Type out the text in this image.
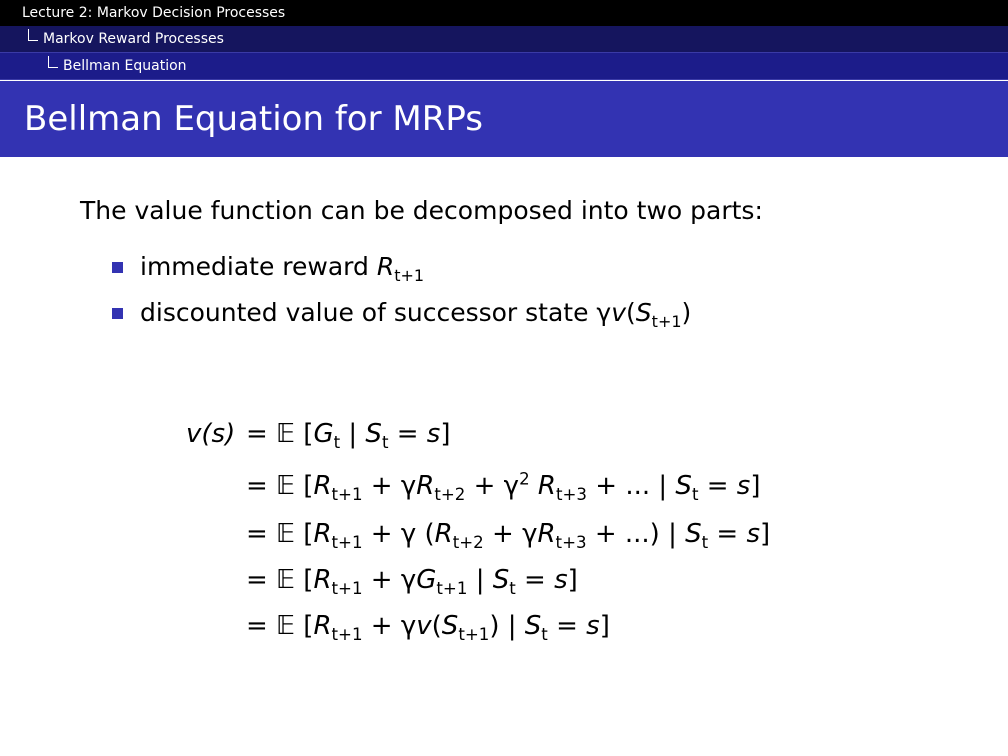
Lecture 2: Markov Decision Processes
Markov Reward Processes
Bellman Equation
Bellman Equation for MRPs
The value function can be decomposed into two parts:
immediate reward $R_{t+1}$
discounted value of successor state $\gamma v(S_{t+1})$
v(s) = 𝔼 [$G_t$ | $S_t = s$]
= 𝔼 [$R_{t+1} + \gamma R_{t+2} + \gamma^2$ $R_{t+3}$ + ... | $S_t = s$]
= 𝔼 [$R_{t+1} + \gamma$ ($R_{t+2} + \gamma R_{t+3}$ + ...) | $S_t = s$]
= 𝔼 [$R_{t+1} + \gamma G_{t+1}$ | $S_t = s$]
= 𝔼 [$R_{t+1} + \gamma v(S_{t+1})$ | $S_t = s$]
